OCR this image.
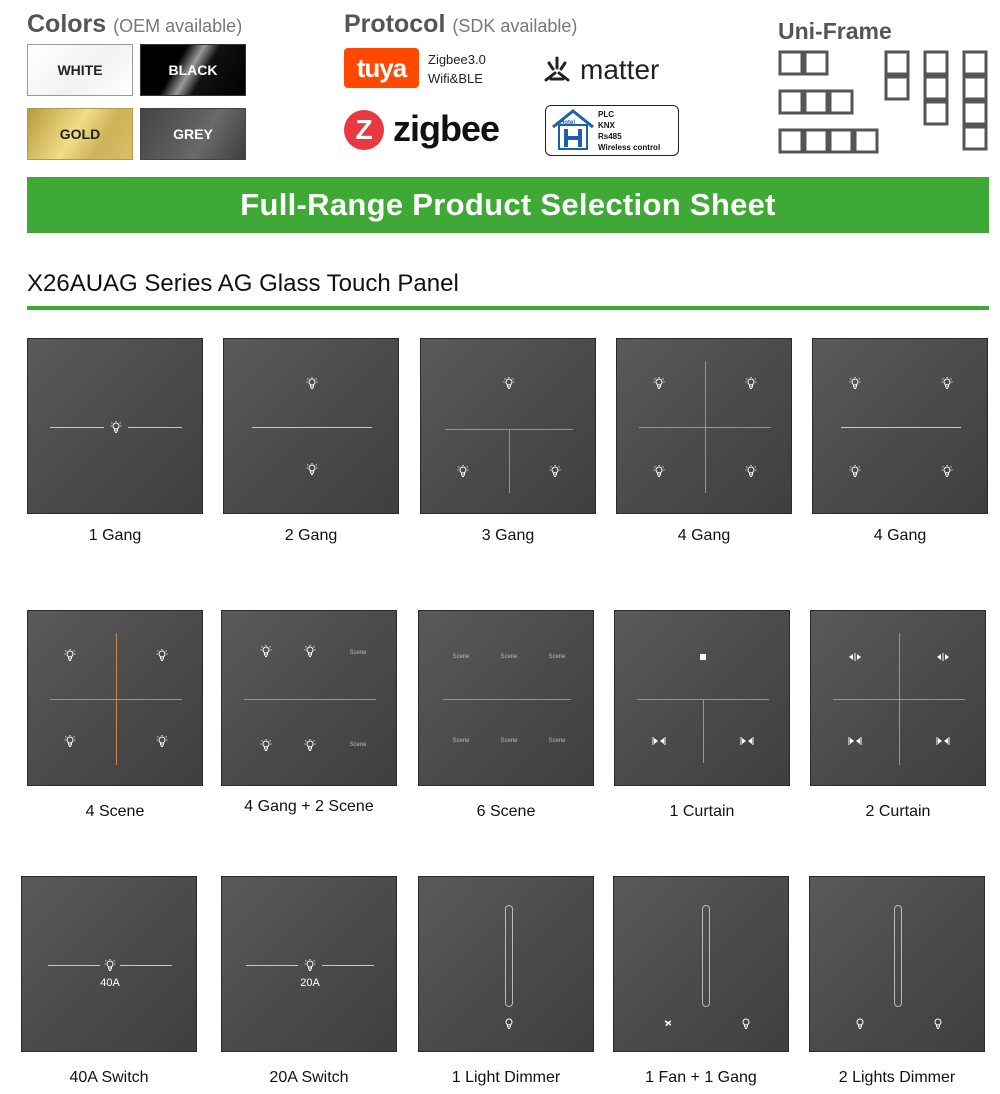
Colors (OEM available)
WHITE	BLACK
GOLD	GREY
Protocol (SDK available)
tuya	Zigbee3.0
Wifi&BLE	matter
Z zigbee	Hotel
PLC
KNX
Rs485
Wireless control
Uni-Frame
Full-Range Product Selection Sheet
X26AUAG Series AG Glass Touch Panel
1 Gang	2 Gang	3 Gang	4 Gang	4 Gang
4 Scene
Scene
Scene
4 Gang + 2 Scene
Scene	Scene	Scene
Scene	Scene	Scene
6 Scene	1 Curtain	2 Curtain
40A
40A Switch
20A
20A Switch	1 Light Dimmer	1 Fan + 1 Gang	2 Lights Dimmer
